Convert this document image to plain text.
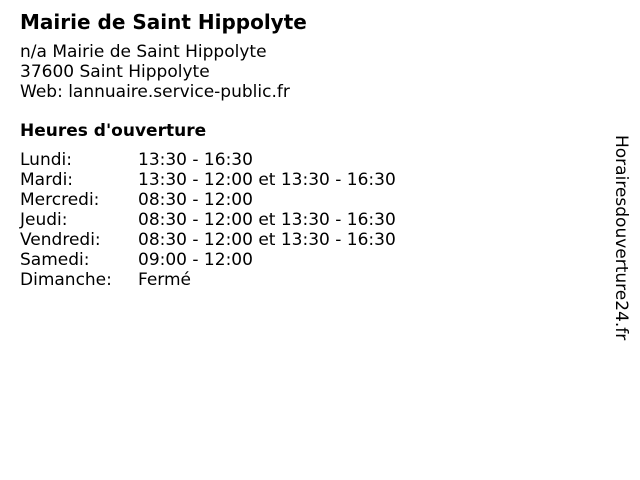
Mairie de Saint Hippolyte
n/a Mairie de Saint Hippolyte
37600 Saint Hippolyte
Web: lannuaire.service-public.fr
Heures d'ouverture
Lundi:	13:30 - 16:30
Mardi:	13:30 - 12:00 et 13:30 - 16:30
Mercredi:	08:30 - 12:00
Jeudi:	08:30 - 12:00 et 13:30 - 16:30
Vendredi:	08:30 - 12:00 et 13:30 - 16:30
Samedi:	09:00 - 12:00
Dimanche:	Fermé	Horairesdouverture24.fr
